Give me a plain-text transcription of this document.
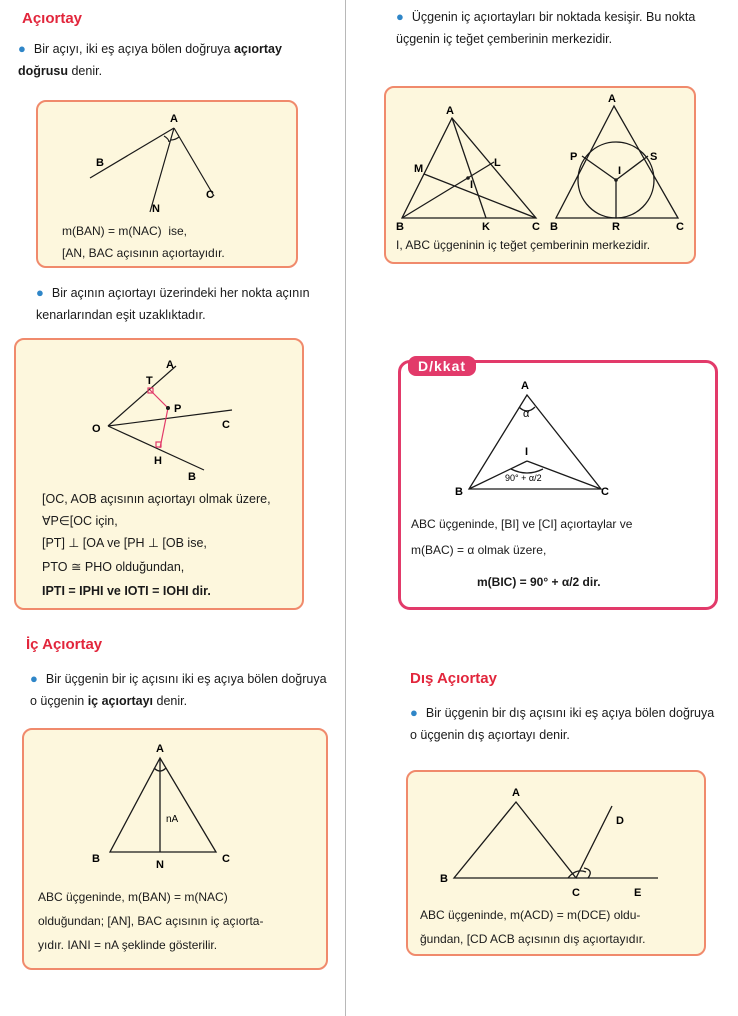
Açıortay
● Bir açıyı, iki eş açıya bölen doğruya açıortay doğrusu denir.
A
B
N
C
m(BAN) = m(NAC) ise,
[AN, BAC açısının açıortayıdır.
● Bir açının açıortayı üzerindeki her nokta açının kenarlarından eşit uzaklıktadır.
A
T
P
C
O
H
B
[OC, AOB açısının açıortayı olmak üzere,
∀P∈[OC için,
[PT] ⊥ [OA ve [PH ⊥ [OB ise,
PTO ≅ PHO olduğundan,
IPTI = IPHI ve IOTI = IOHI dir.
İç Açıortay
● Bir üçgenin bir iç açısını iki eş açıya bölen doğruya o üçgenin iç açıortayı denir.
A
B	N	C
nA
ABC üçgeninde, m(BAN) = m(NAC)
olduğundan; [AN], BAC açısının iç açıorta-
yıdır. IANI = nA şeklinde gösterilir.
● Üçgenin iç açıortayları bir noktada kesişir. Bu nokta üçgenin iç teğet çemberinin merkezidir.
A
M	L
I
B	K	C
A
P	S
I
B	R	C
I, ABC üçgeninin iç teğet çemberinin merkezidir.
A
α
I
90° + α/2
B	C
ABC üçgeninde, [BI] ve [CI] açıortaylar ve
m(BAC) = α olmak üzere,
m(BIC) = 90° + α/2 dir.
D/kkat
Dış Açıortay
● Bir üçgenin bir dış açısını iki eş açıya bölen doğruya o üçgenin dış açıortayı denir.
A
D
B
C	E
ABC üçgeninde, m(ACD) = m(DCE) oldu-
ğundan, [CD ACB açısının dış açıortayıdır.
